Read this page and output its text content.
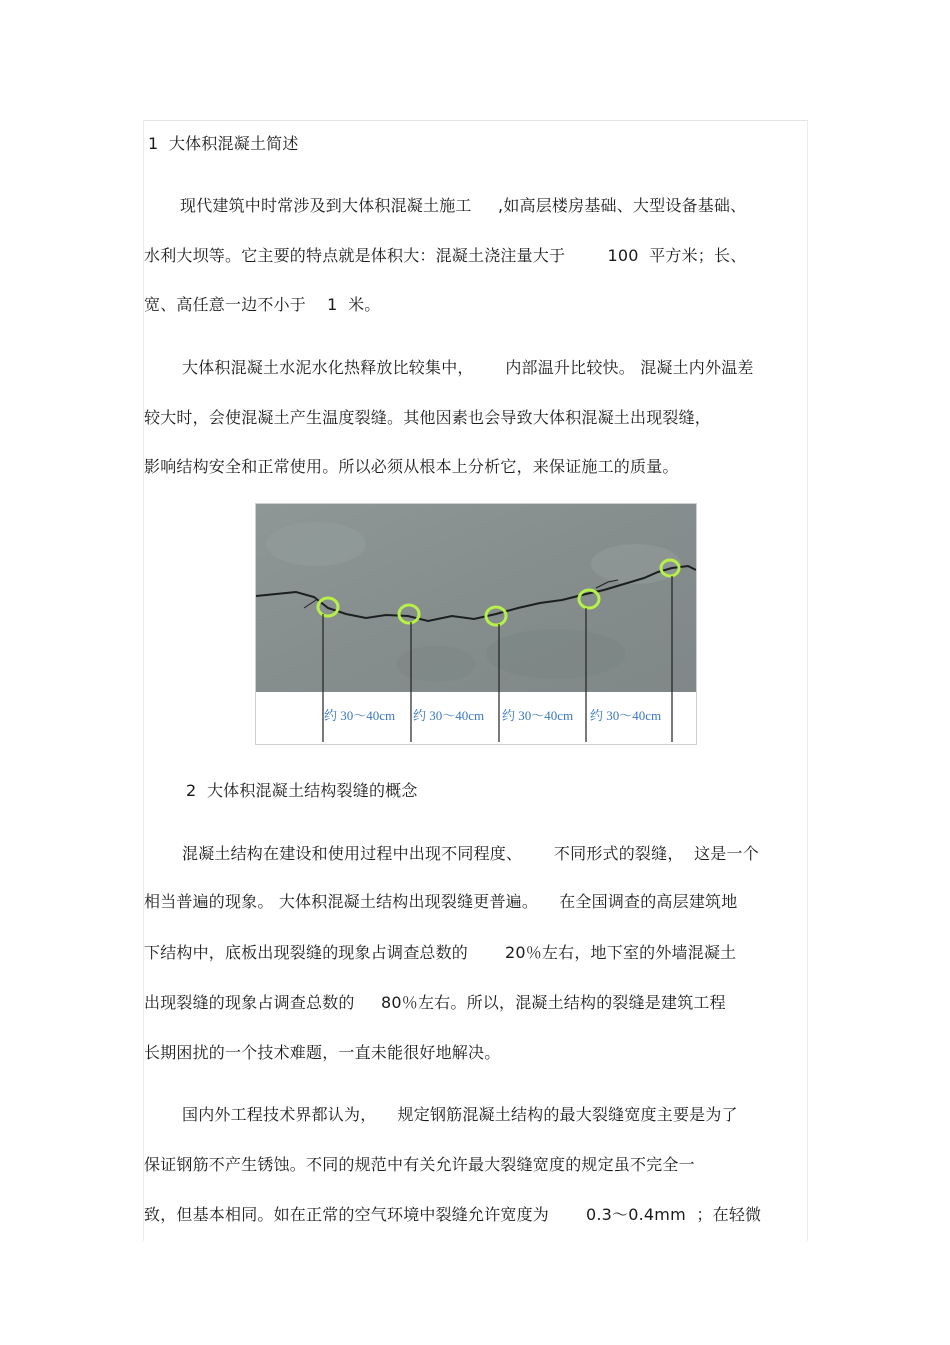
1  大体积混凝土简述
现代建筑中时常涉及到大体积混凝土施工     ,如高层楼房基础、大型设备基础、
水利大坝等。它主要的特点就是体积大：混凝土浇注量大于        100  平方米；长、
宽、高任意一边不小于    1  米。
大体积混凝土水泥水化热释放比较集中，      内部温升比较快。 混凝土内外温差
较大时，会使混凝土产生温度裂缝。其他因素也会导致大体积混凝土出现裂缝，
影响结构安全和正常使用。所以必须从根本上分析它，来保证施工的质量。
约 30～40cm 约 30～40cm 约 30～40cm 约 30～40cm
2  大体积混凝土结构裂缝的概念
混凝土结构在建设和使用过程中出现不同程度、      不同形式的裂缝，  这是一个
相当普遍的现象。 大体积混凝土结构出现裂缝更普遍。    在全国调查的高层建筑地
下结构中，底板出现裂缝的现象占调查总数的       20％左右，地下室的外墙混凝土
出现裂缝的现象占调查总数的     80％左右。所以，混凝土结构的裂缝是建筑工程
长期困扰的一个技术难题，一直未能很好地解决。
国内外工程技术界都认为，    规定钢筋混凝土结构的最大裂缝宽度主要是为了
保证钢筋不产生锈蚀。不同的规范中有关允许最大裂缝宽度的规定虽不完全一
致，但基本相同。如在正常的空气环境中裂缝允许宽度为       0.3～0.4mm  ；在轻微
